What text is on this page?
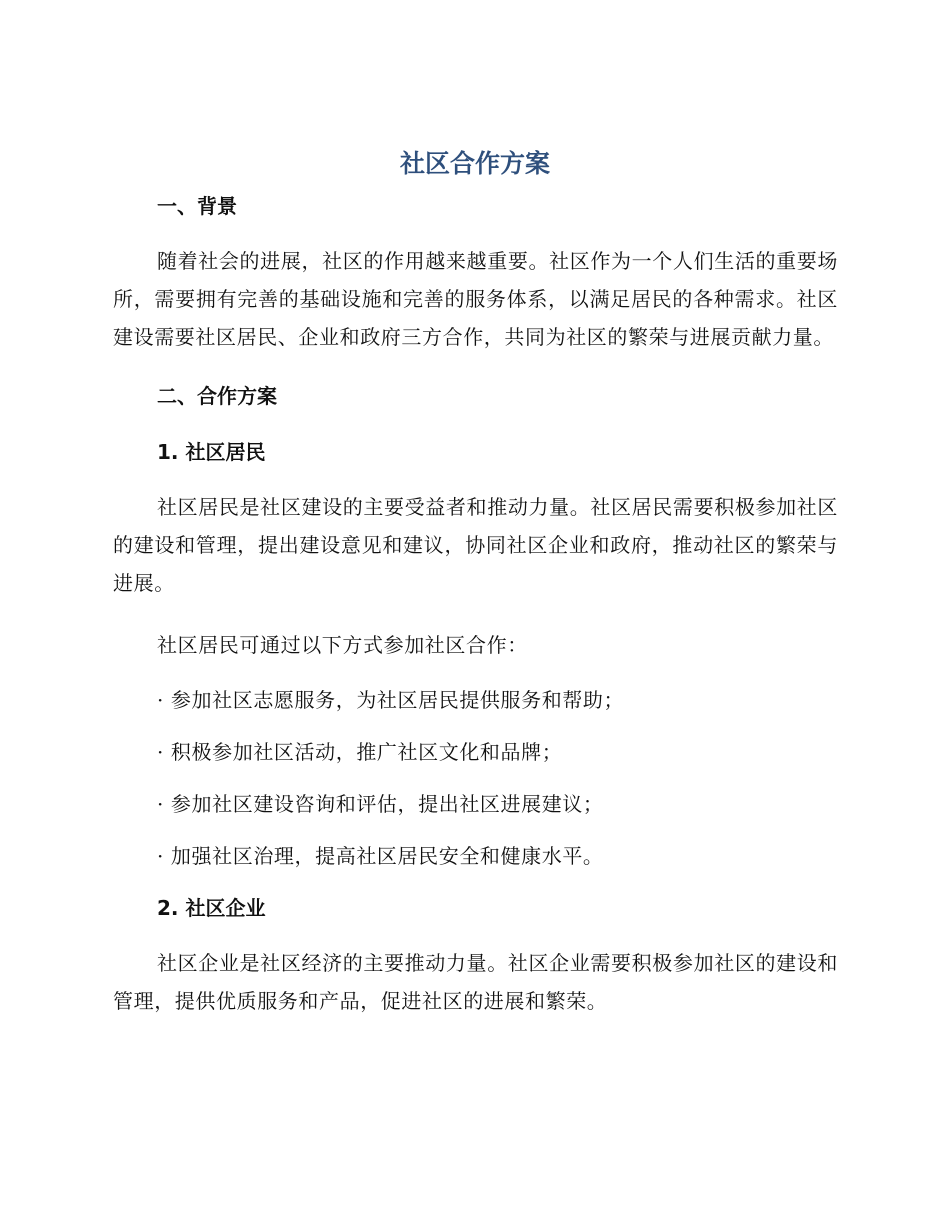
社区合作方案

一、背景

随着社会的进展，社区的作用越来越重要。社区作为一个人们生活的重要场所，需要拥有完善的基础设施和完善的服务体系，以满足居民的各种需求。社区建设需要社区居民、企业和政府三方合作，共同为社区的繁荣与进展贡献力量。

二、合作方案

1. 社区居民

社区居民是社区建设的主要受益者和推动力量。社区居民需要积极参加社区的建设和管理，提出建设意见和建议，协同社区企业和政府，推动社区的繁荣与进展。

社区居民可通过以下方式参加社区合作：

· 参加社区志愿服务，为社区居民提供服务和帮助；

· 积极参加社区活动，推广社区文化和品牌；

· 参加社区建设咨询和评估，提出社区进展建议；

· 加强社区治理，提高社区居民安全和健康水平。

2. 社区企业

社区企业是社区经济的主要推动力量。社区企业需要积极参加社区的建设和管理，提供优质服务和产品，促进社区的进展和繁荣。
